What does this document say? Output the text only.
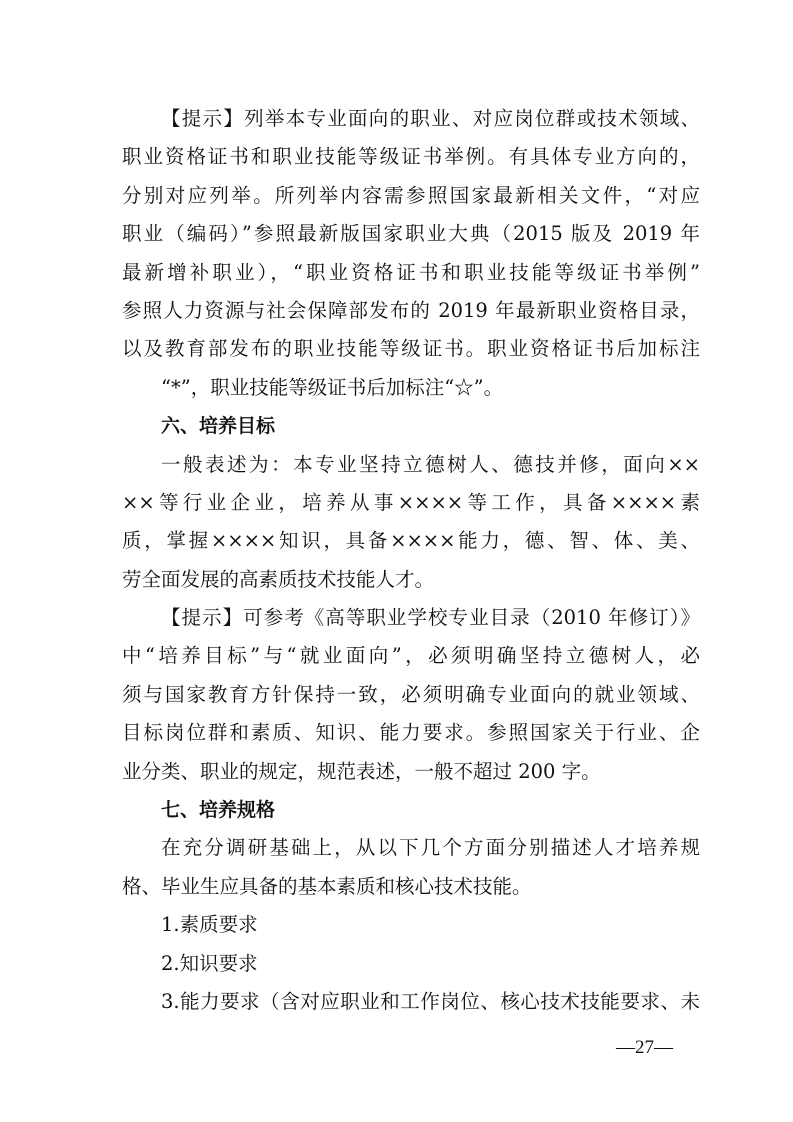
【提示】列举本专业面向的职业、对应岗位群或技术领域、
职业资格证书和职业技能等级证书举例。有具体专业方向的，
分别对应列举。所列举内容需参照国家最新相关文件，“对应
职业（编码）”参照最新版国家职业大典（2015 版及 2019 年
最新增补职业），“职业资格证书和职业技能等级证书举例”
参照人力资源与社会保障部发布的 2019 年最新职业资格目录，
以及教育部发布的职业技能等级证书。职业资格证书后加标注
“*”，职业技能等级证书后加标注“☆”。
六、培养目标
一般表述为：本专业坚持立德树人、德技并修，面向××
××等行业企业，培养从事××××等工作，具备××××素
质，掌握××××知识，具备××××能力，德、智、体、美、
劳全面发展的高素质技术技能人才。
【提示】可参考《高等职业学校专业目录（2010 年修订）》
中“培养目标”与“就业面向”，必须明确坚持立德树人，必
须与国家教育方针保持一致，必须明确专业面向的就业领域、
目标岗位群和素质、知识、能力要求。参照国家关于行业、企
业分类、职业的规定，规范表述，一般不超过 200 字。
七、培养规格
在充分调研基础上，从以下几个方面分别描述人才培养规
格、毕业生应具备的基本素质和核心技术技能。
1.素质要求
2.知识要求
3.能力要求（含对应职业和工作岗位、核心技术技能要求、未
—27—
